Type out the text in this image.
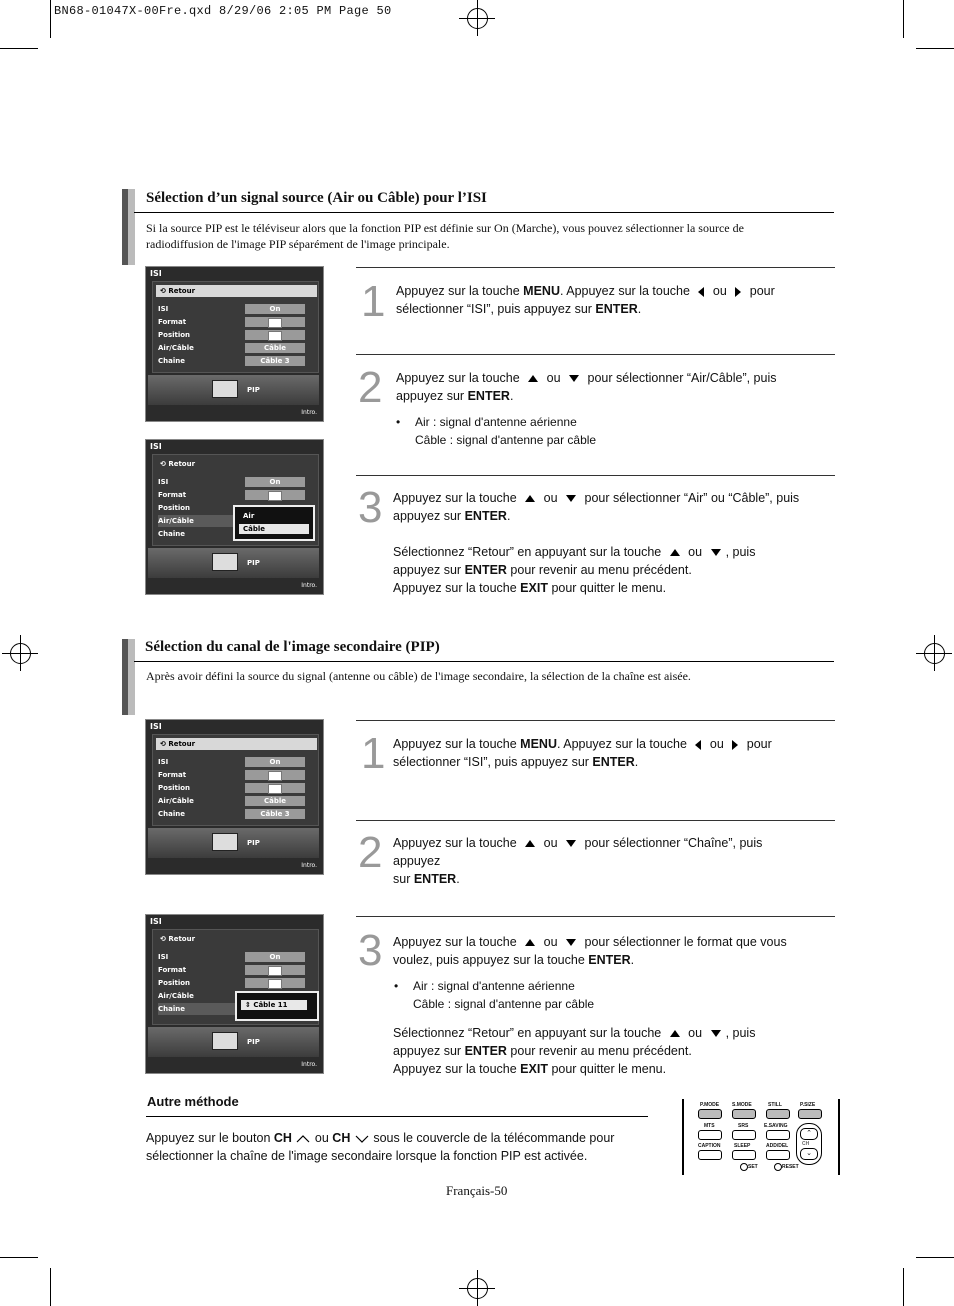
BN68-01047X-00Fre.qxd 8/29/06 2:05 PM Page 50
Sélection d’un signal source (Air ou Câble) pour l’ISI
Si la source PIP est le téléviseur alors que la fonction PIP est définie sur On (Marche), vous pouvez sélectionner la source de
radiodiffusion de l'image PIP séparément de l'image principale.
ISI
⟲ Retour
ISI	On
Format
Position
Air/Câble	Câble
Chaîne	Câble 3
PIP
Intro.
ISI
⟲ Retour
ISI	On
Format
Position
Air/Câble
Chaîne
Air
Câble
PIP
Intro.
1 Appuyez sur la touche MENU. Appuyez sur la touche  ou  pour
sélectionner “ISI”, puis appuyez sur ENTER.
2 Appuyez sur la touche  ou  pour sélectionner “Air/Câble”, puis
appuyez sur ENTER.
• Air : signal d'antenne aérienne

Câble : signal d'antenne par câble
3 Appuyez sur la touche  ou  pour sélectionner “Air” ou “Câble”, puis
appuyez sur ENTER.

Sélectionnez “Retour” en appuyant sur la touche  ou , puis
appuyez sur ENTER pour revenir au menu précédent.
Appuyez sur la touche EXIT pour quitter le menu.
Sélection du canal de l'image secondaire (PIP)
Après avoir défini la source du signal (antenne ou câble) de l'image secondaire, la sélection de la chaîne est aisée.
ISI
⟲ Retour
ISI	On
Format
Position
Air/Câble	Câble
Chaîne	Câble 3
PIP
Intro.
ISI
⟲ Retour
ISI	On
Format
Position
Air/Câble
Chaîne	⇕ Câble 11
PIP
Intro.
1 Appuyez sur la touche MENU. Appuyez sur la touche  ou  pour
sélectionner “ISI”, puis appuyez sur ENTER.
2 Appuyez sur la touche  ou  pour sélectionner “Chaîne”, puis appuyez
sur ENTER.
3 Appuyez sur la touche  ou  pour sélectionner le format que vous
voulez, puis appuyez sur la touche ENTER.
• Air : signal d'antenne aérienne

Câble : signal d'antenne par câble
Sélectionnez “Retour” en appuyant sur la touche  ou , puis
appuyez sur ENTER pour revenir au menu précédent.
Appuyez sur la touche EXIT pour quitter le menu.
Autre méthode
Appuyez sur le bouton CH  ou CH  sous le couvercle de la télécommande pour
sélectionner la chaîne de l'image secondaire lorsque la fonction PIP est activée.
P.MODE	S.MODE	STILL	P.SIZE
MTS	SRS	E.SAVING
CAPTION	SLEEP	ADD/DEL
⌃
CH
⌄
SET	RESET
Français-50
